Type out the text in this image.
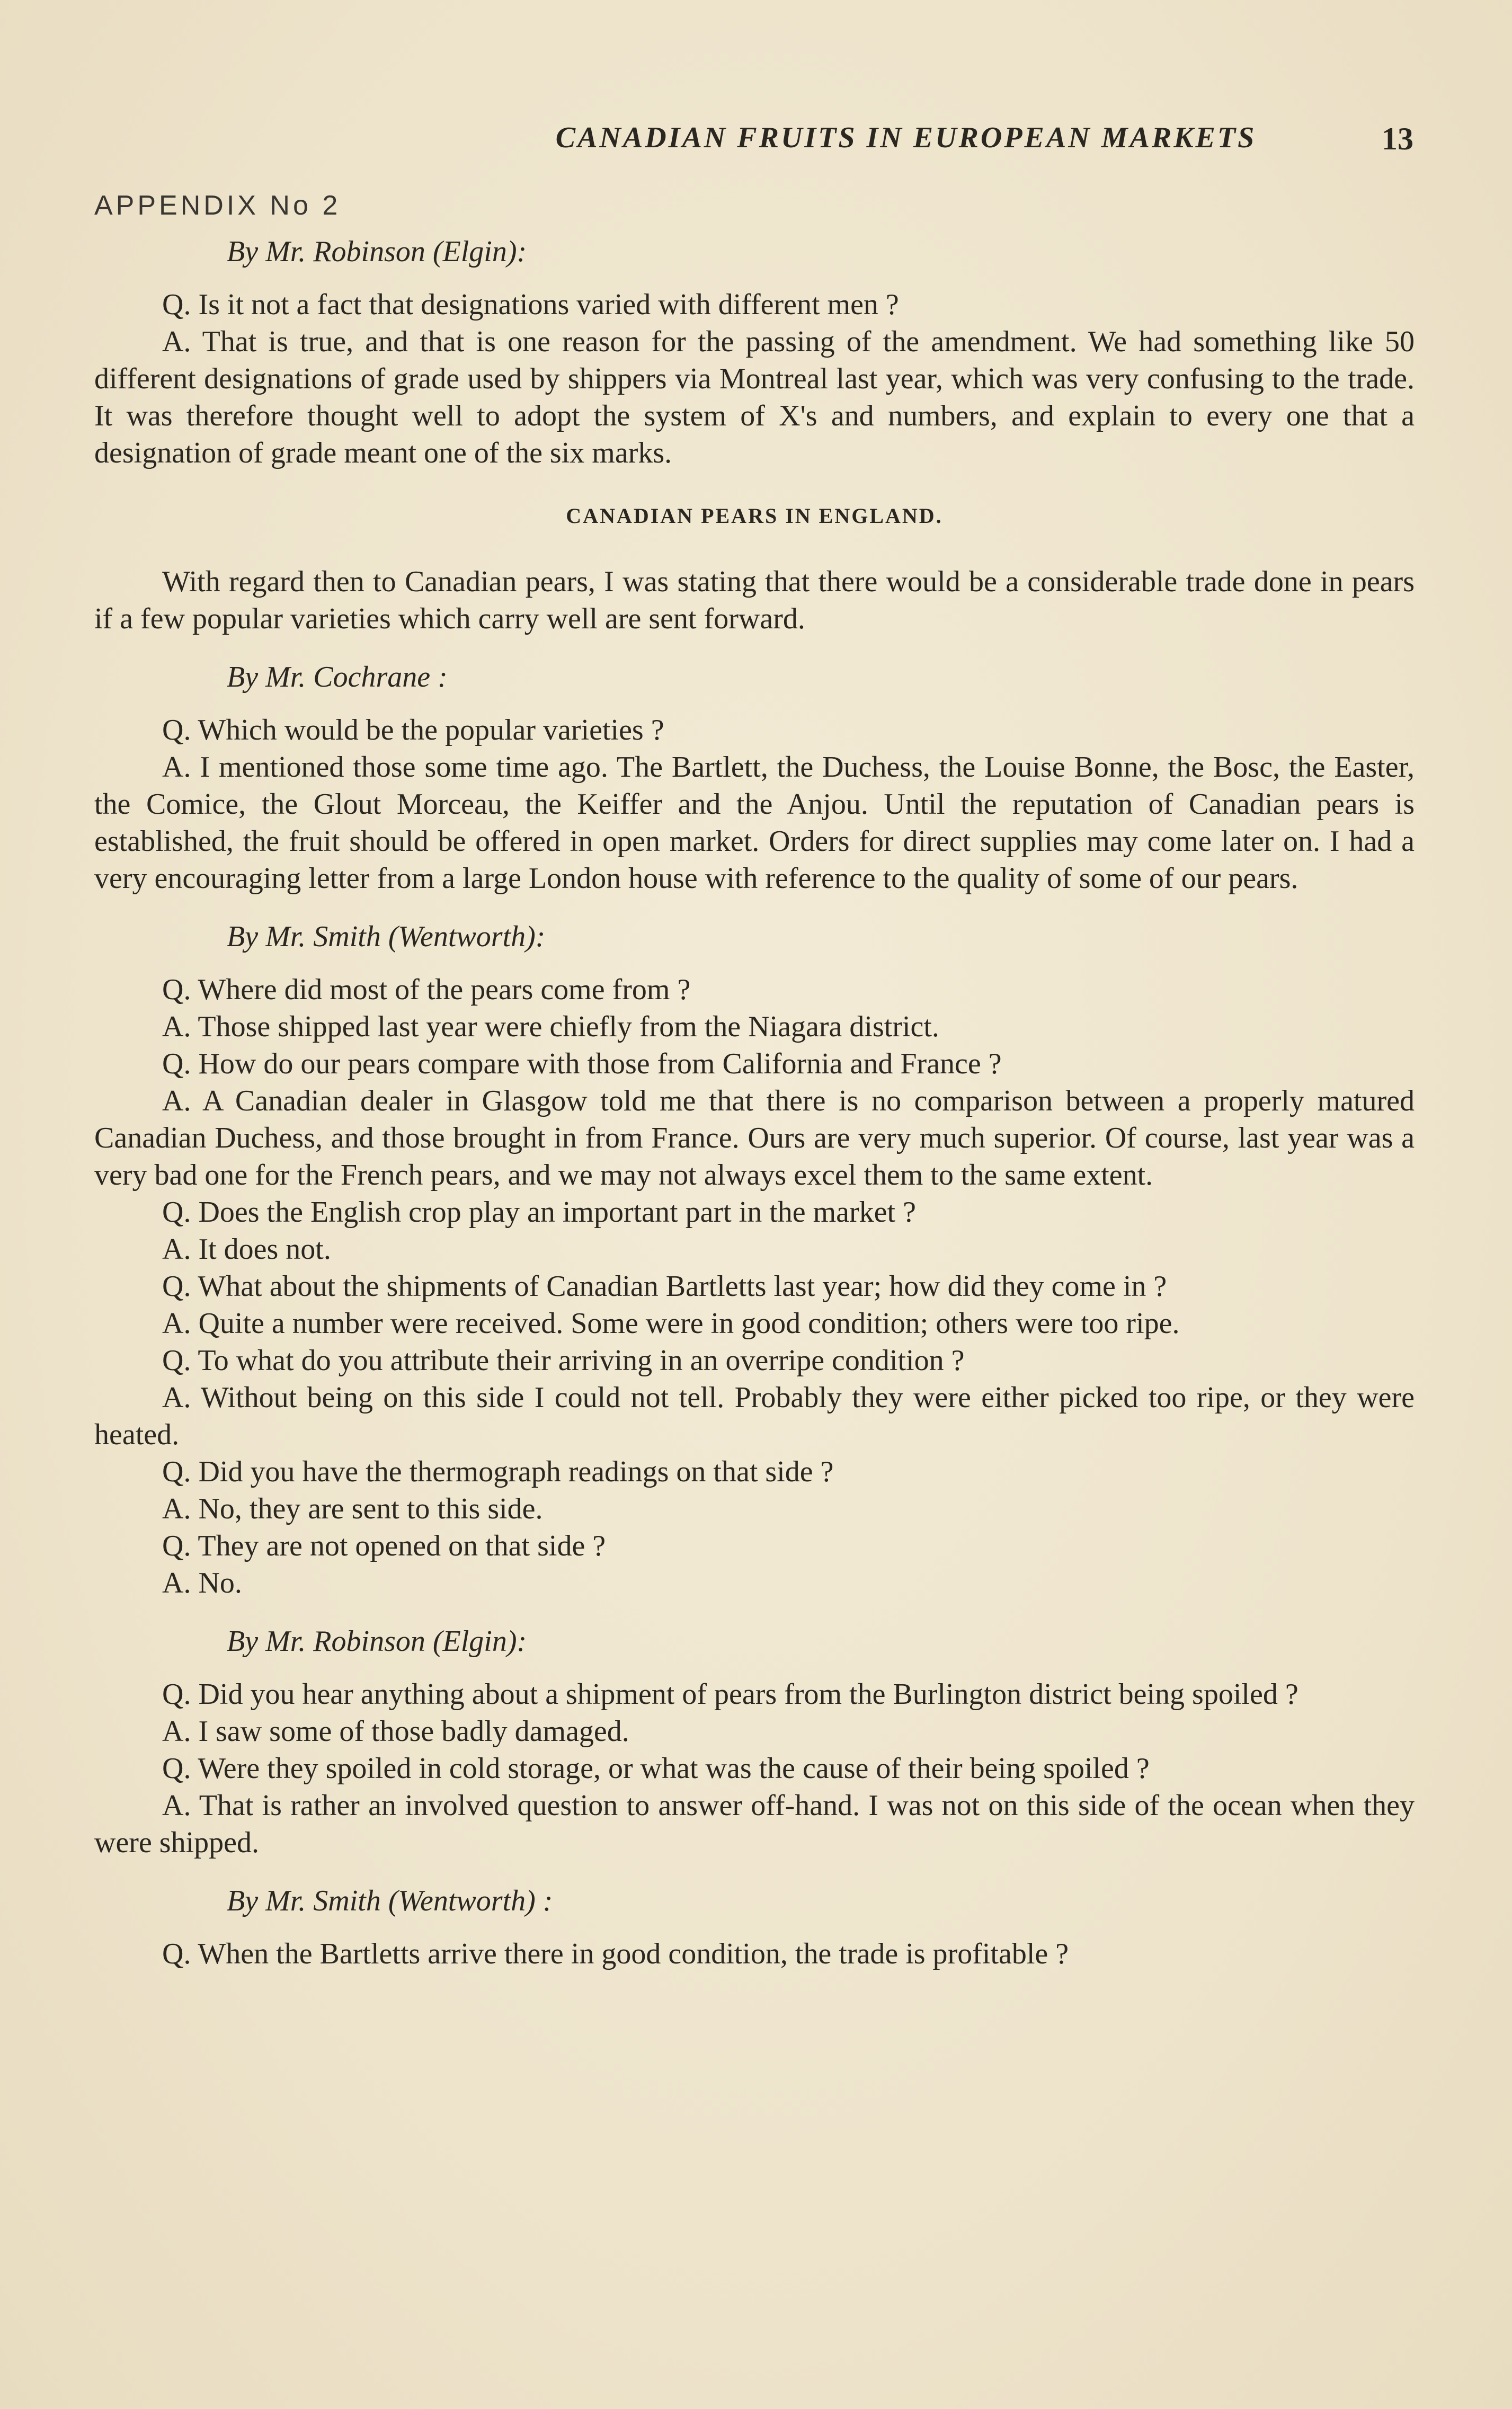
CANADIAN FRUITS IN EUROPEAN MARKETS	13
APPENDIX No 2
By Mr. Robinson (Elgin):

Q. Is it not a fact that designations varied with different men ?

A. That is true, and that is one reason for the passing of the amendment. We had something like 50 different designations of grade used by shippers via Montreal last year, which was very confusing to the trade. It was therefore thought well to adopt the system of X's and numbers, and explain to every one that a designation of grade meant one of the six marks.

CANADIAN PEARS IN ENGLAND.

With regard then to Canadian pears, I was stating that there would be a considerable trade done in pears if a few popular varieties which carry well are sent forward.

By Mr. Cochrane :

Q. Which would be the popular varieties ?

A. I mentioned those some time ago. The Bartlett, the Duchess, the Louise Bonne, the Bosc, the Easter, the Comice, the Glout Morceau, the Keiffer and the Anjou. Until the reputation of Canadian pears is established, the fruit should be offered in open market. Orders for direct supplies may come later on. I had a very encouraging letter from a large London house with reference to the quality of some of our pears.

By Mr. Smith (Wentworth):

Q. Where did most of the pears come from ?

A. Those shipped last year were chiefly from the Niagara district.

Q. How do our pears compare with those from California and France ?

A. A Canadian dealer in Glasgow told me that there is no comparison between a properly matured Canadian Duchess, and those brought in from France. Ours are very much superior. Of course, last year was a very bad one for the French pears, and we may not always excel them to the same extent.

Q. Does the English crop play an important part in the market ?

A. It does not.

Q. What about the shipments of Canadian Bartletts last year; how did they come in ?

A. Quite a number were received. Some were in good condition; others were too ripe.

Q. To what do you attribute their arriving in an overripe condition ?

A. Without being on this side I could not tell. Probably they were either picked too ripe, or they were heated.

Q. Did you have the thermograph readings on that side ?

A. No, they are sent to this side.

Q. They are not opened on that side ?

A. No.

By Mr. Robinson (Elgin):

Q. Did you hear anything about a shipment of pears from the Burlington district being spoiled ?

A. I saw some of those badly damaged.

Q. Were they spoiled in cold storage, or what was the cause of their being spoiled ?

A. That is rather an involved question to answer off-hand. I was not on this side of the ocean when they were shipped.

By Mr. Smith (Wentworth) :

Q. When the Bartletts arrive there in good condition, the trade is profitable ?
